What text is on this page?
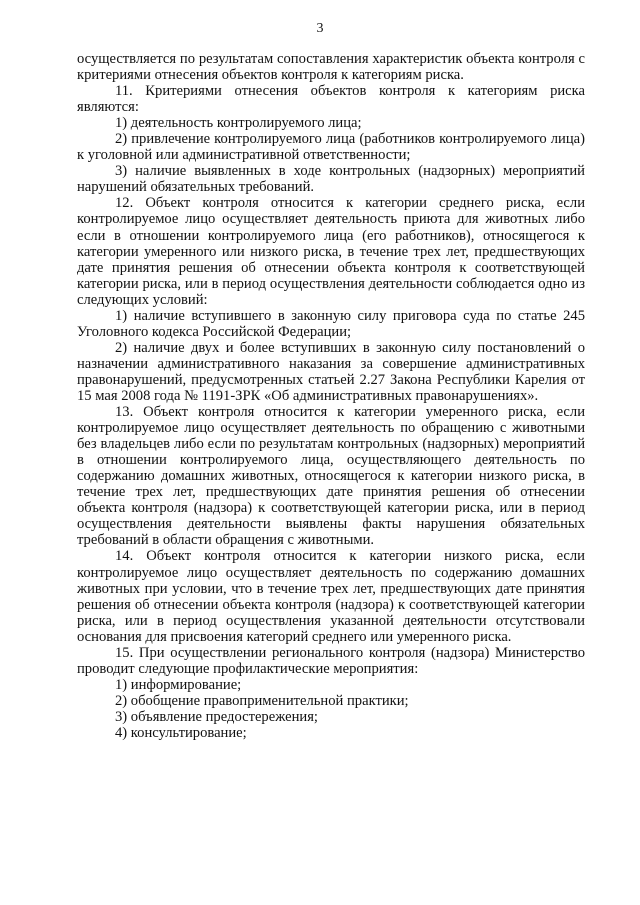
3

осуществляется по результатам сопоставления характеристик объекта контроля с критериями отнесения объектов контроля к категориям риска.

11. Критериями отнесения объектов контроля к категориям риска являются:

1) деятельность контролируемого лица;

2) привлечение контролируемого лица (работников контролируемого лица) к уголовной или административной ответственности;

3) наличие выявленных в ходе контрольных (надзорных) мероприятий нарушений обязательных требований.

12. Объект контроля относится к категории среднего риска, если контролируемое лицо осуществляет деятельность приюта для животных либо если в отношении контролируемого лица (его работников), относящегося к категории умеренного или низкого риска, в течение трех лет, предшествующих дате принятия решения об отнесении объекта контроля к соответствующей категории риска, или в период осуществления деятельности соблюдается одно из следующих условий:

1) наличие вступившего в законную силу приговора суда по статье 245 Уголовного кодекса Российской Федерации;

2) наличие двух и более вступивших в законную силу постановлений о назначении административного наказания за совершение административных правонарушений, предусмотренных статьей 2.27 Закона Республики Карелия от 15 мая 2008 года № 1191-ЗРК «Об административных правонарушениях».

13. Объект контроля относится к категории умеренного риска, если контролируемое лицо осуществляет деятельность по обращению с животными без владельцев либо если по результатам контрольных (надзорных) мероприятий в отношении контролируемого лица, осуществляющего деятельность по содержанию домашних животных, относящегося к категории низкого риска, в течение трех лет, предшествующих дате принятия решения об отнесении объекта контроля (надзора) к соответствующей категории риска, или в период осуществления деятельности выявлены факты нарушения обязательных требований в области обращения с животными.

14. Объект контроля относится к категории низкого риска, если контролируемое лицо осуществляет деятельность по содержанию домашних животных при условии, что в течение трех лет, предшествующих дате принятия решения об отнесении объекта контроля (надзора) к соответствующей категории риска, или в период осуществления указанной деятельности отсутствовали основания для присвоения категорий среднего или умеренного риска.

15. При осуществлении регионального контроля (надзора) Министерство проводит следующие профилактические мероприятия:

1) информирование;

2) обобщение правоприменительной практики;

3) объявление предостережения;

4) консультирование;
